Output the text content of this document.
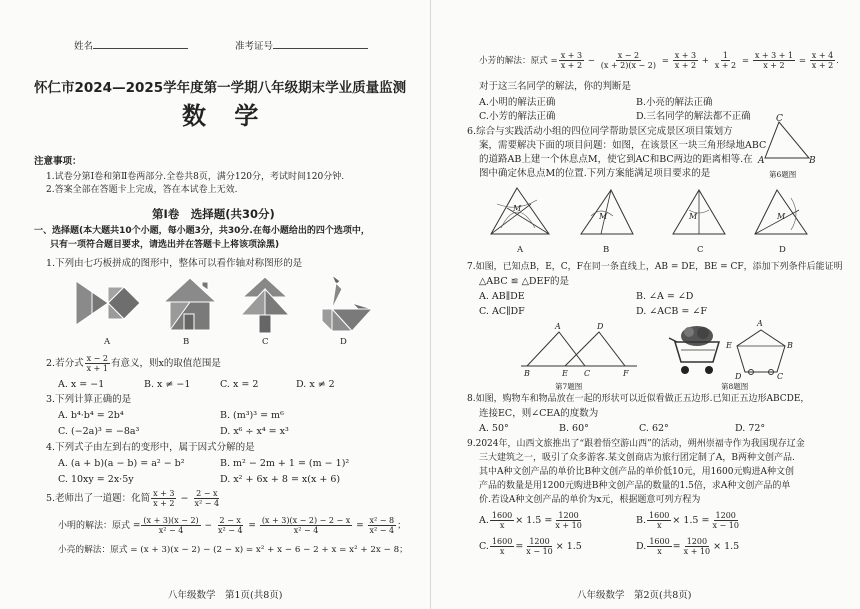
姓名	准考证号
怀仁市2024—2025学年度第一学期八年级期末学业质量监测
数 学
注意事项：
1.试卷分第Ⅰ卷和第Ⅱ卷两部分.全卷共8页，满分120分，考试时间120分钟.
2.答案全部在答题卡上完成，答在本试卷上无效.
第Ⅰ卷　选择题(共30分)
一、选择题(本大题共10个小题，每小题3分，共30分.在每小题给出的四个选项中，
只有一项符合题目要求，请选出并在答题卡上将该项涂黑)
1.下列由七巧板拼成的图形中，整体可以看作轴对称图形的是
A	B	C	D
2.若分式 $\frac{x - 2}{x + 1}$ 有意义，则x的取值范围是
A. x = −1	B. x ≠ −1	C. x = 2	D. x ≠ 2
3.下列计算正确的是
A. b⁴·b⁴ = 2b⁴	B. (m³)³ = m⁶
C. (−2a)³ = −8a³	D. x⁶ ÷ x⁴ = x³
4.下列式子由左到右的变形中，属于因式分解的是
A. (a + b)(a − b) = a² − b²	B. m² − 2m + 1 = (m − 1)²
C. 10xy = 2x·5y	D. x² + 6x + 8 = x(x + 6)
5.老师出了一道题：化简 $\frac{x + 3}{x + 2} - \frac{2 - x}{\text{x² − 4}}$
小明的解法：原式 = $\frac{(x + 3)(x - 2)}{\text{x² − 4}} - \frac{2 - x}{\text{x² − 4}} = \frac{(x + 3)(x - 2) - 2 - x}{\text{x² − 4}} = \frac{\text{x² − 8}}{\text{x² − 4}}$ ；
小亮的解法：原式 = (x + 3)(x − 2) − (2 − x) = x² + x − 6 − 2 + x = x² + 2x − 8；
八年级数学　第1页(共8页)
小芳的解法：原式 = $\frac{x + 3}{x + 2} - \frac{x - 2}{(x + 2)(x - 2)} = \frac{x + 3}{x + 2} + \frac{1}{x + 2} = \frac{x + 3 + 1}{x + 2} = \frac{x + 4}{x + 2}$ .
对于这三名同学的解法，你的判断是
A.小明的解法正确	B.小亮的解法正确
C.小芳的解法正确	D.三名同学的解法都不正确
6.综合与实践活动小组的四位同学帮助景区完成景区项目策划方
案，需要解决下面的项目问题：如图，在该景区一块三角形绿地ABC
的道路AB上建一个休息点M，使它到AC和BC两边的距离相等.在
图中确定休息点M的位置.下列方案能满足项目要求的是
C
A	B
第6题图
M
M	M	M
A	B	C	D
7.如图，已知点B，E，C，F在同一条直线上，AB = DE，BE = CF，添加下列条件后能证明
△ABC ≌ △DEF的是
A. AB∥DE	B. ∠A = ∠D
C. AC∥DF	D. ∠ACB = ∠F
A	D
B	E C	F
第7题图
A
E	B
D	C
第8题图
8.如图，购物车和物品放在一起的形状可以近似看做正五边形.已知正五边形ABCDE，
连接EC，则∠CEA的度数为
A. 50°	B. 60°	C. 62°	D. 72°
9.2024年，山西文旅推出了“跟着悟空游山西”的活动，朔州崇福寺作为我国现存辽金
三大建筑之一，吸引了众多游客.某文创商店为旅行团定制了A，B两种文创产品.
其中A种文创产品的单价比B种文创产品的单价低10元，用1600元购进A种文创
产品的数量是用1200元购进B种文创产品的数量的1.5倍，求A种文创产品的单
价.若设A种文创产品的单价为x元，根据题意可列方程为
A. $\frac{1600}{x} \times 1.5 = \frac{1200}{x + 10}$	B. $\frac{1600}{x} \times 1.5 = \frac{1200}{x - 10}$
C. $\frac{1600}{x} = \frac{1200}{x - 10} \times 1.5$	D. $\frac{1600}{x} = \frac{1200}{x + 10} \times 1.5$
八年级数学　第2页(共8页)
